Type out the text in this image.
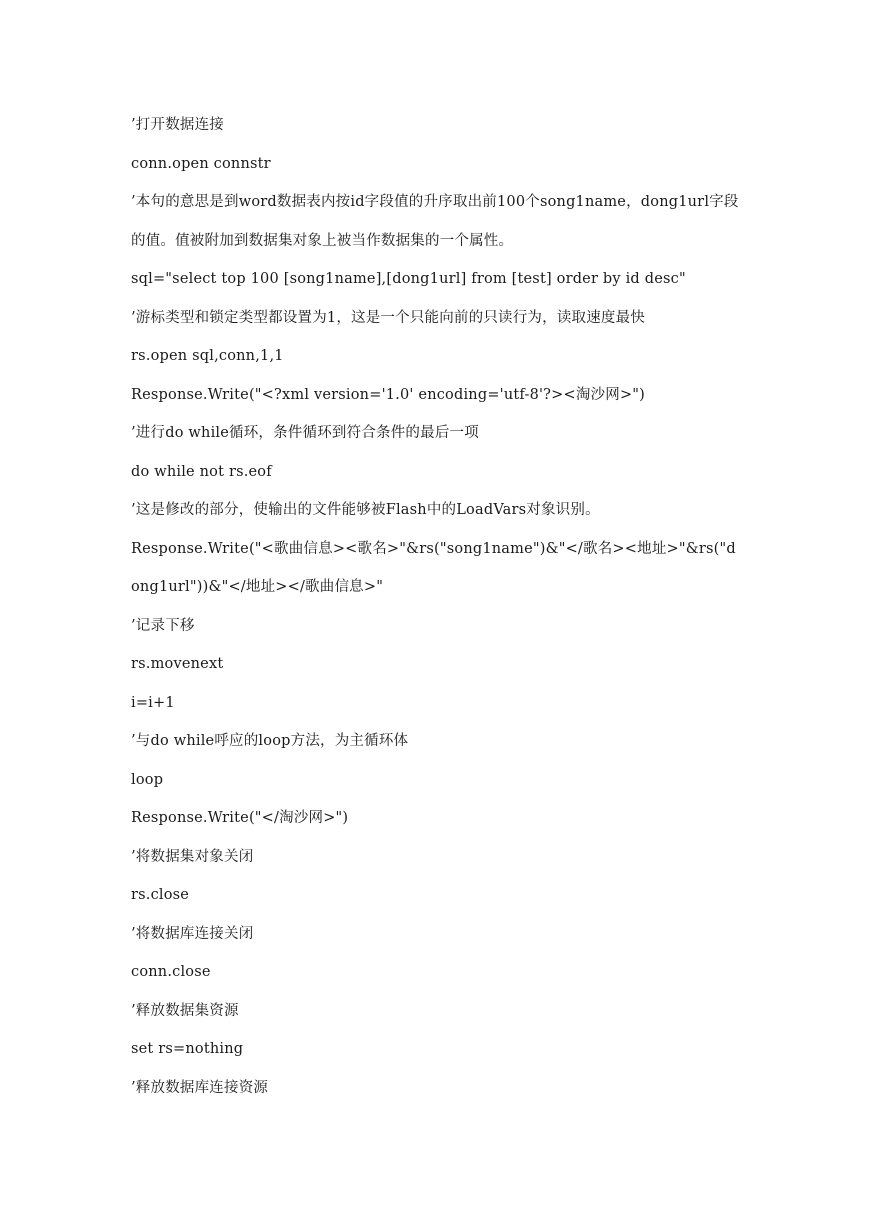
’打开数据连接
conn.open connstr
’本句的意思是到word数据表内按id字段值的升序取出前100个song1name，dong1url字段的值。值被附加到数据集对象上被当作数据集的一个属性。
sql="select top 100 [song1name],[dong1url] from [test] order by id desc"
’游标类型和锁定类型都设置为1，这是一个只能向前的只读行为，读取速度最快
rs.open sql,conn,1,1
Response.Write("<?xml version='1.0' encoding='utf-8'?><淘沙网>")
’进行do while循环，条件循环到符合条件的最后一项
do while not rs.eof
’这是修改的部分，使输出的文件能够被Flash中的LoadVars对象识别。
Response.Write("<歌曲信息><歌名>"&rs("song1name")&"</歌名><地址>"&rs("dong1url"))&"</地址></歌曲信息>"
’记录下移
rs.movenext
i=i+1
’与do while呼应的loop方法，为主循环体
loop
Response.Write("</淘沙网>")
’将数据集对象关闭
rs.close
’将数据库连接关闭
conn.close
’释放数据集资源
set rs=nothing
’释放数据库连接资源
